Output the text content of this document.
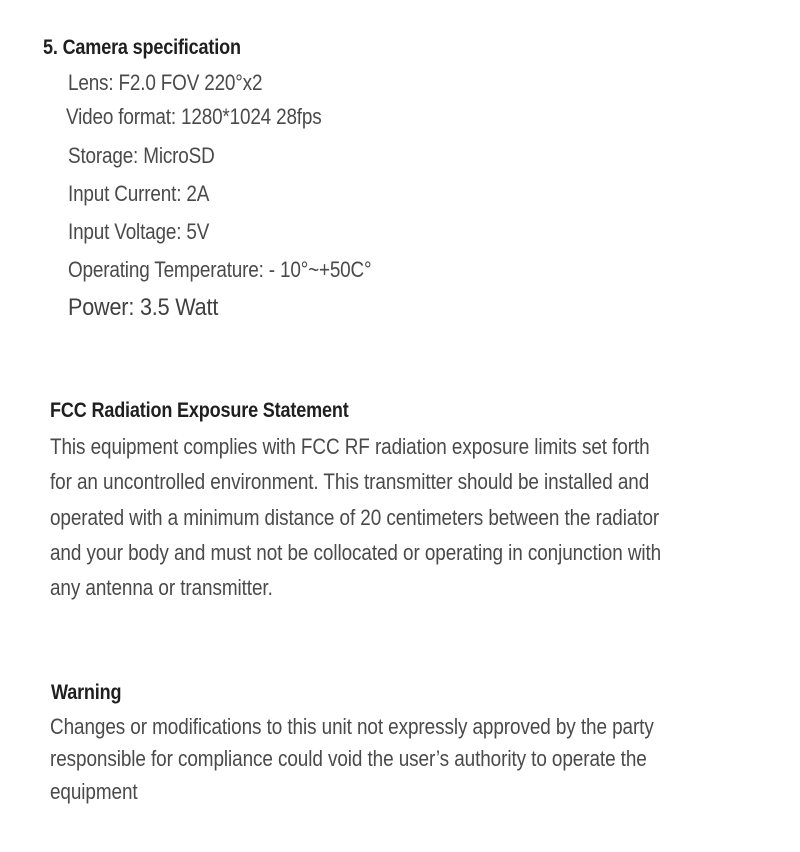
5. Camera specification
Lens: F2.0 FOV 220°x2
Video format: 1280*1024 28fps
Storage: MicroSD
Input Current: 2A
Input Voltage: 5V
Operating Temperature: - 10°~+50C°
Power: 3.5 Watt
FCC Radiation Exposure Statement
This equipment complies with FCC RF radiation exposure limits set forth
for an uncontrolled environment. This transmitter should be installed and
operated with a minimum distance of 20 centimeters between the radiator
and your body and must not be collocated or operating in conjunction with
any antenna or transmitter.
Warning
Changes or modifications to this unit not expressly approved by the party
responsible for compliance could void the user’s authority to operate the
equipment
